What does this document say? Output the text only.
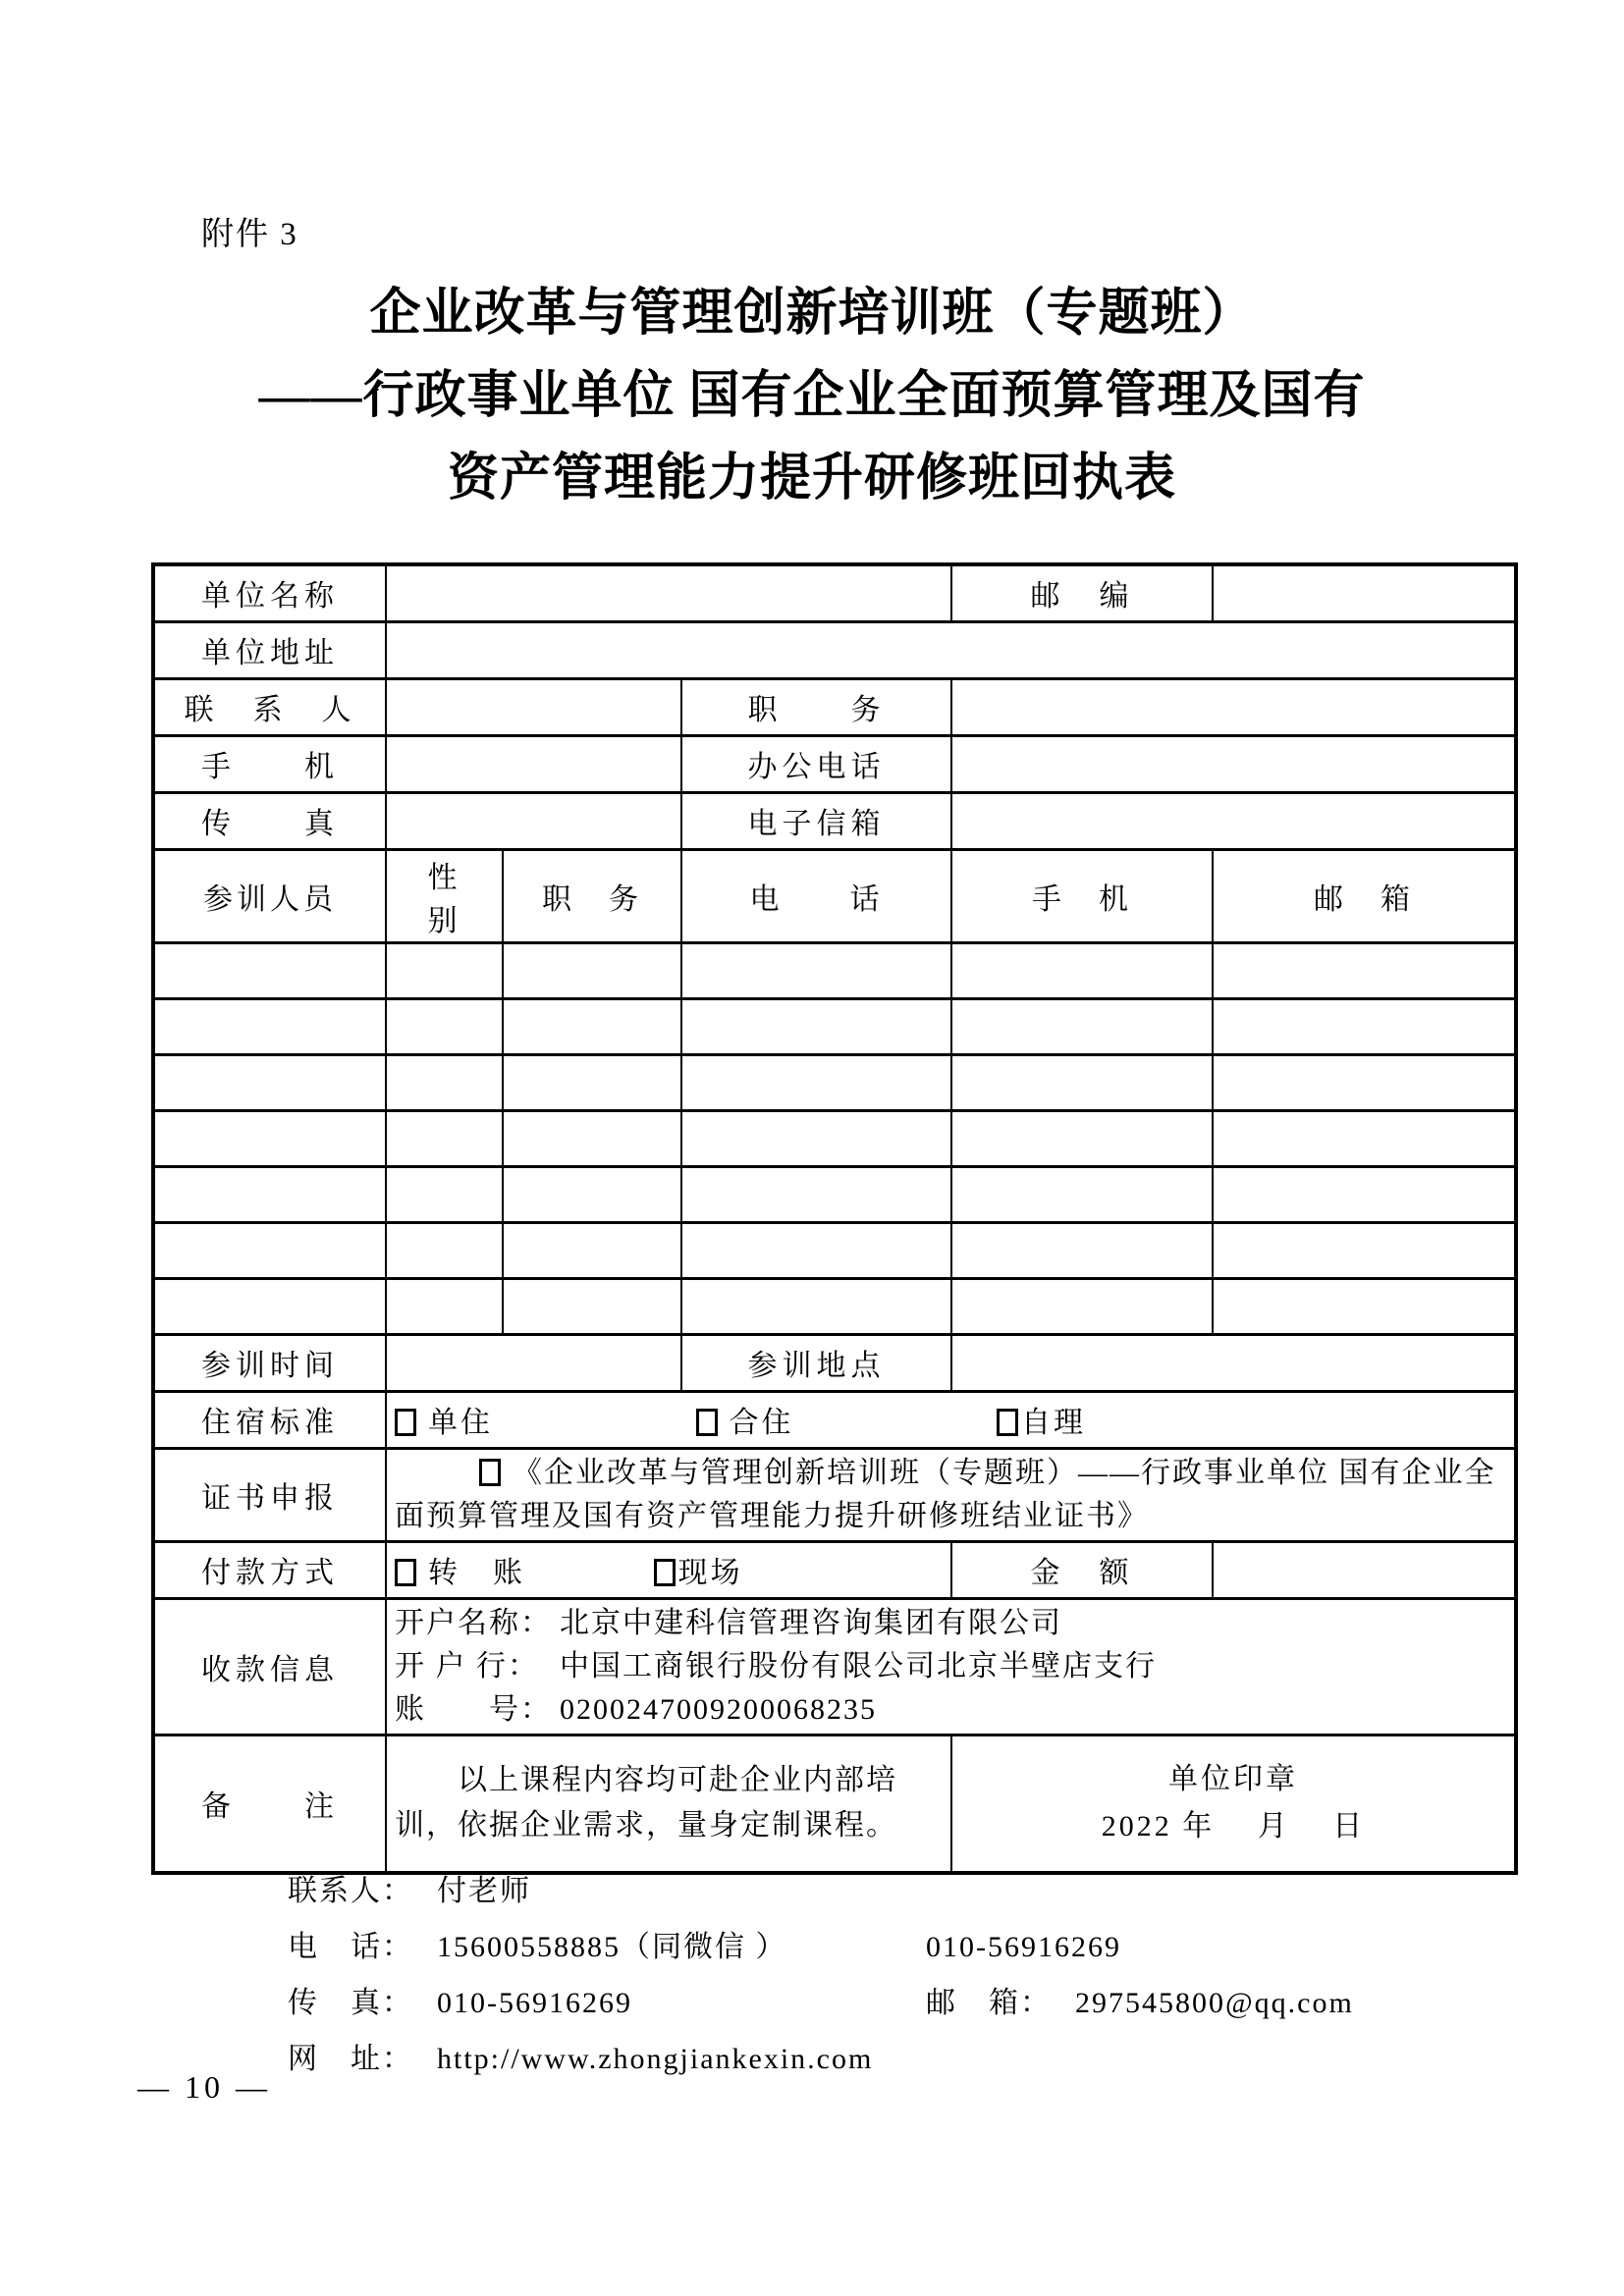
附件 3
企业改革与管理创新培训班（专题班）
——行政事业单位 国有企业全面预算管理及国有
资产管理能力提升研修班回执表
单位名称				邮　编	
单位地址					
联　系　人			职　　务		
手　　机			办公电话		
传　　真			电子信箱		
参训人员	性　别	职　务	电　　话	手　机	邮　箱

参训时间			参训地点		
住宿标准	单住 合住 自理				
证书申报	《企业改革与管理创新培训班（专题班）——行政事业单位 国有企业全面预算管理及国有资产管理能力提升研修班结业证书》				

付款方式	转　账 现场			金　额	
收款信息	开户名称： 北京中建科信管理咨询集团有限公司
开 户 行： 中国工商银行股份有限公司北京半壁店支行
账　　号： 0200247009200068235				

备　　注	以上课程内容均可赴企业内部培训，依据企业需求，量身定制课程。			单位印章
2022 年　 月　 日	
联系人： 付老师
电　话： 15600558885（同微信 ）	010-56916269
传　真： 010-56916269	邮　箱： 297545800@qq.com
网　址： http://www.zhongjiankexin.com
— 10 —
